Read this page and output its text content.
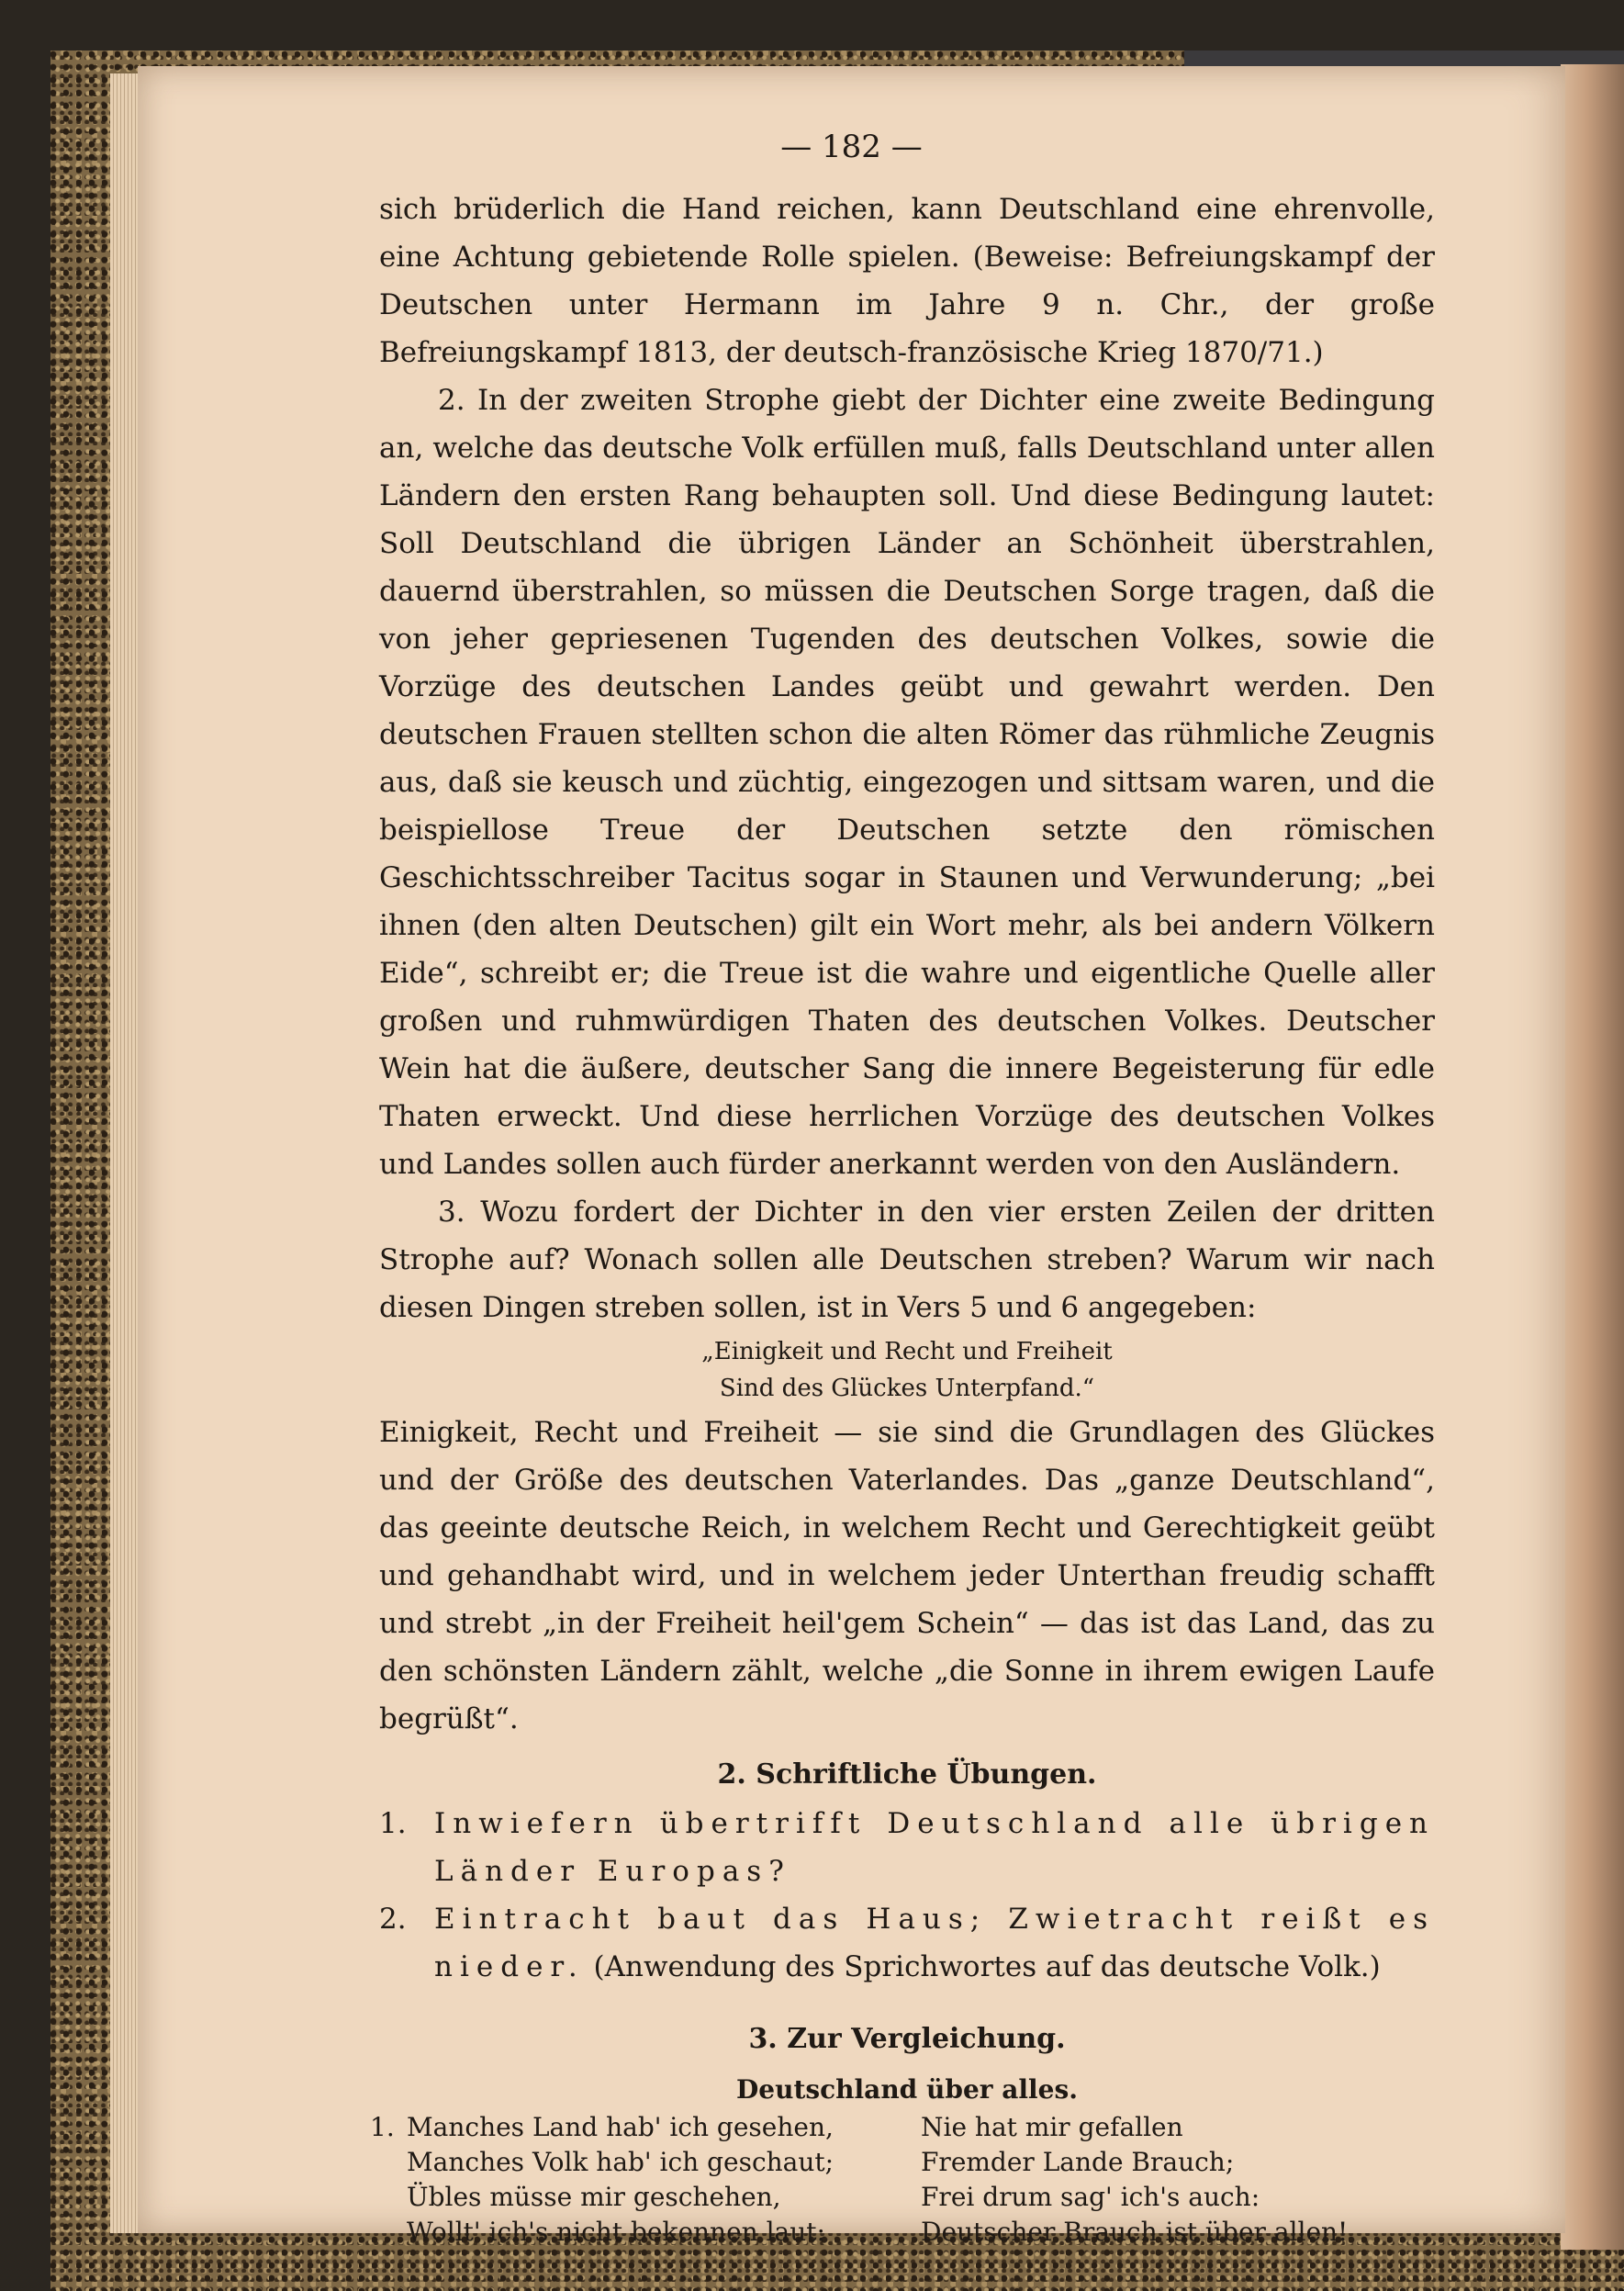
— 182 —

sich brüderlich die Hand reichen, kann Deutschland eine ehrenvolle, eine Achtung gebietende Rolle spielen. (Beweise: Befreiungskampf der Deutschen unter Hermann im Jahre 9 n. Chr., der große Befreiungskampf 1813, der deutsch-französische Krieg 1870/71.)

2. In der zweiten Strophe giebt der Dichter eine zweite Bedingung an, welche das deutsche Volk erfüllen muß, falls Deutschland unter allen Ländern den ersten Rang behaupten soll. Und diese Bedingung lautet: Soll Deutschland die übrigen Länder an Schönheit überstrahlen, dauernd überstrahlen, so müssen die Deutschen Sorge tragen, daß die von jeher gepriesenen Tugenden des deutschen Volkes, sowie die Vorzüge des deutschen Landes geübt und gewahrt werden. Den deutschen Frauen stellten schon die alten Römer das rühmliche Zeugnis aus, daß sie keusch und züchtig, eingezogen und sittsam waren, und die beispiellose Treue der Deutschen setzte den römischen Geschichtsschreiber Tacitus sogar in Staunen und Verwunderung; „bei ihnen (den alten Deutschen) gilt ein Wort mehr, als bei andern Völkern Eide“, schreibt er; die Treue ist die wahre und eigentliche Quelle aller großen und ruhmwürdigen Thaten des deutschen Volkes. Deutscher Wein hat die äußere, deutscher Sang die innere Begeisterung für edle Thaten erweckt. Und diese herrlichen Vorzüge des deutschen Volkes und Landes sollen auch fürder anerkannt werden von den Ausländern.

3. Wozu fordert der Dichter in den vier ersten Zeilen der dritten Strophe auf? Wonach sollen alle Deutschen streben? Warum wir nach diesen Dingen streben sollen, ist in Vers 5 und 6 angegeben:

„Einigkeit und Recht und Freiheit
Sind des Glückes Unterpfand.“

Einigkeit, Recht und Freiheit — sie sind die Grundlagen des Glückes und der Größe des deutschen Vaterlandes. Das „ganze Deutschland“, das geeinte deutsche Reich, in welchem Recht und Gerechtigkeit geübt und gehandhabt wird, und in welchem jeder Unterthan freudig schafft und strebt „in der Freiheit heil'gem Schein“ — das ist das Land, das zu den schönsten Ländern zählt, welche „die Sonne in ihrem ewigen Laufe begrüßt“.

2. Schriftliche Übungen.
1. Inwiefern übertrifft Deutschland alle übrigen Länder Europas?
2. Eintracht baut das Haus; Zwietracht reißt es nieder. (Anwendung des Sprichwortes auf das deutsche Volk.)
3. Zur Vergleichung.
Deutschland über alles.
1. Manches Land hab' ich gesehen,
Manches Volk hab' ich geschaut;
Übles müsse mir geschehen,
Wollt' ich's nicht bekennen laut:
Nie hat mir gefallen
Fremder Lande Brauch;
Frei drum sag' ich's auch:
Deutscher Brauch ist über allen!
